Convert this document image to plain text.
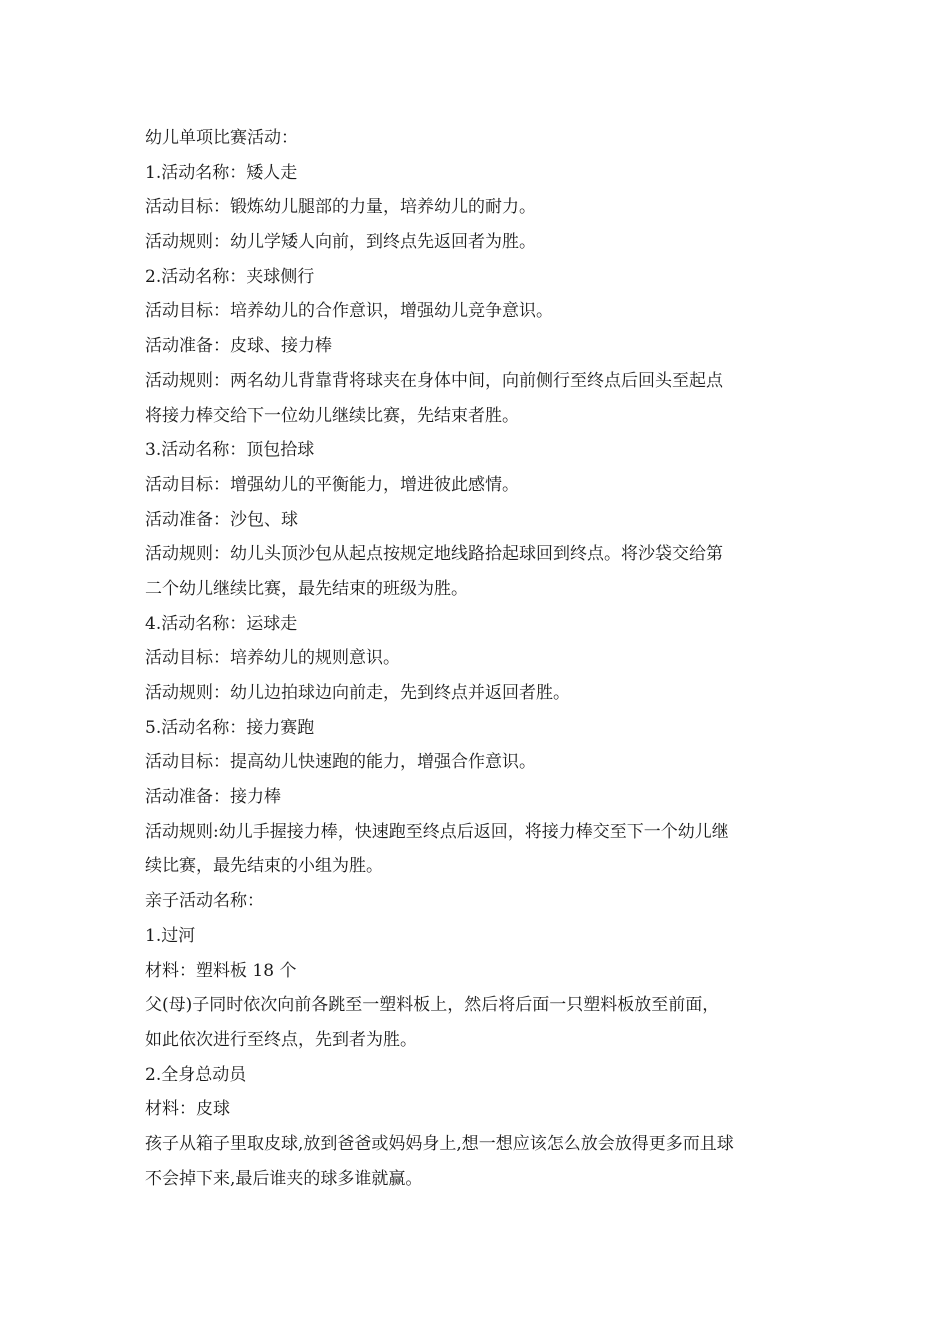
幼儿单项比赛活动：
1.活动名称：矮人走
活动目标：锻炼幼儿腿部的力量，培养幼儿的耐力。
活动规则：幼儿学矮人向前，到终点先返回者为胜。
2.活动名称：夹球侧行
活动目标：培养幼儿的合作意识，增强幼儿竞争意识。
活动准备：皮球、接力棒
活动规则：两名幼儿背靠背将球夹在身体中间，向前侧行至终点后回头至起点
将接力棒交给下一位幼儿继续比赛，先结束者胜。
3.活动名称：顶包拾球
活动目标：增强幼儿的平衡能力，增进彼此感情。
活动准备：沙包、球
活动规则：幼儿头顶沙包从起点按规定地线路拾起球回到终点。将沙袋交给第
二个幼儿继续比赛，最先结束的班级为胜。
4.活动名称：运球走
活动目标：培养幼儿的规则意识。
活动规则：幼儿边拍球边向前走，先到终点并返回者胜。
5.活动名称：接力赛跑
活动目标：提高幼儿快速跑的能力，增强合作意识。
活动准备：接力棒
活动规则:幼儿手握接力棒，快速跑至终点后返回，将接力棒交至下一个幼儿继
续比赛，最先结束的小组为胜。
亲子活动名称：
1.过河
材料：塑料板 18 个
父(母)子同时依次向前各跳至一塑料板上，然后将后面一只塑料板放至前面，
如此依次进行至终点，先到者为胜。
2.全身总动员
材料：皮球
孩子从箱子里取皮球,放到爸爸或妈妈身上,想一想应该怎么放会放得更多而且球
不会掉下来,最后谁夹的球多谁就赢。
